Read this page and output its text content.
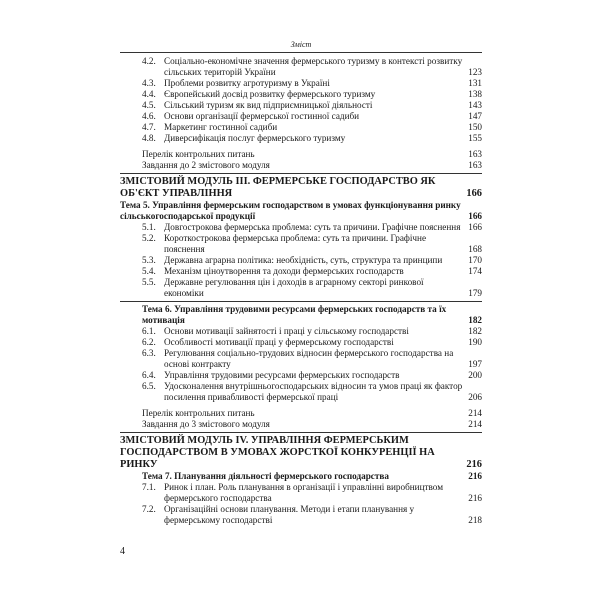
Зміст
4.2. Соціально-економічне значення фермерського туризму в контексті розвитку сільських територій України	123
4.3. Проблеми розвитку агротуризму в Україні	131
4.4. Європейський досвід розвитку фермерського туризму	138
4.5. Сільський туризм як вид підприємницької діяльності	143
4.6. Основи організації фермерської гостинної садиби	147
4.7. Маркетинг гостинної садиби	150
4.8. Диверсифікація послуг фермерського туризму	155
Перелік контрольних питань	163
Завдання до 2 змістового модуля	163
ЗМІСТОВИЙ МОДУЛЬ III. ФЕРМЕРСЬКЕ ГОСПОДАРСТВО ЯК ОБ'ЄКТ УПРАВЛІННЯ	166
Тема 5. Управління фермерським господарством в умовах функціонування ринку сільськогосподарської продукції	166
5.1. Довгострокова фермерська проблема: суть та причини. Графічне пояснення 166
5.2. Короткострокова фермерська проблема: суть та причини. Графічне пояснення	168
5.3. Державна аграрна політика: необхідність, суть, структура та принципи	170
5.4. Механізм ціноутворення та доходи фермерських господарств	174
5.5. Державне регулювання цін і доходів в аграрному секторі ринкової економіки	179
Тема 6. Управління трудовими ресурсами фермерських господарств та їх мотивація	182
6.1. Основи мотивації зайнятості і праці у сільському господарстві	182
6.2. Особливості мотивації праці у фермерському господарстві	190
6.3. Регулювання соціально-трудових відносин фермерського господарства на основі контракту	197
6.4. Управління трудовими ресурсами фермерських господарств	200
6.5. Удосконалення внутрішньогосподарських відносин та умов праці як фактор посилення привабливості фермерської праці	206
Перелік контрольних питань	214
Завдання до 3 змістового модуля	214
ЗМІСТОВИЙ МОДУЛЬ IV. УПРАВЛІННЯ ФЕРМЕРСЬКИМ ГОСПОДАРСТВОМ В УМОВАХ ЖОРСТКОЇ КОНКУРЕНЦІЇ НА РИНКУ	216
Тема 7. Планування діяльності фермерського господарства	216
7.1. Ринок і план. Роль планування в організації і управлінні виробництвом фермерського господарства	216
7.2. Організаційні основи планування. Методи і етапи планування у фермерському господарстві	218
4
